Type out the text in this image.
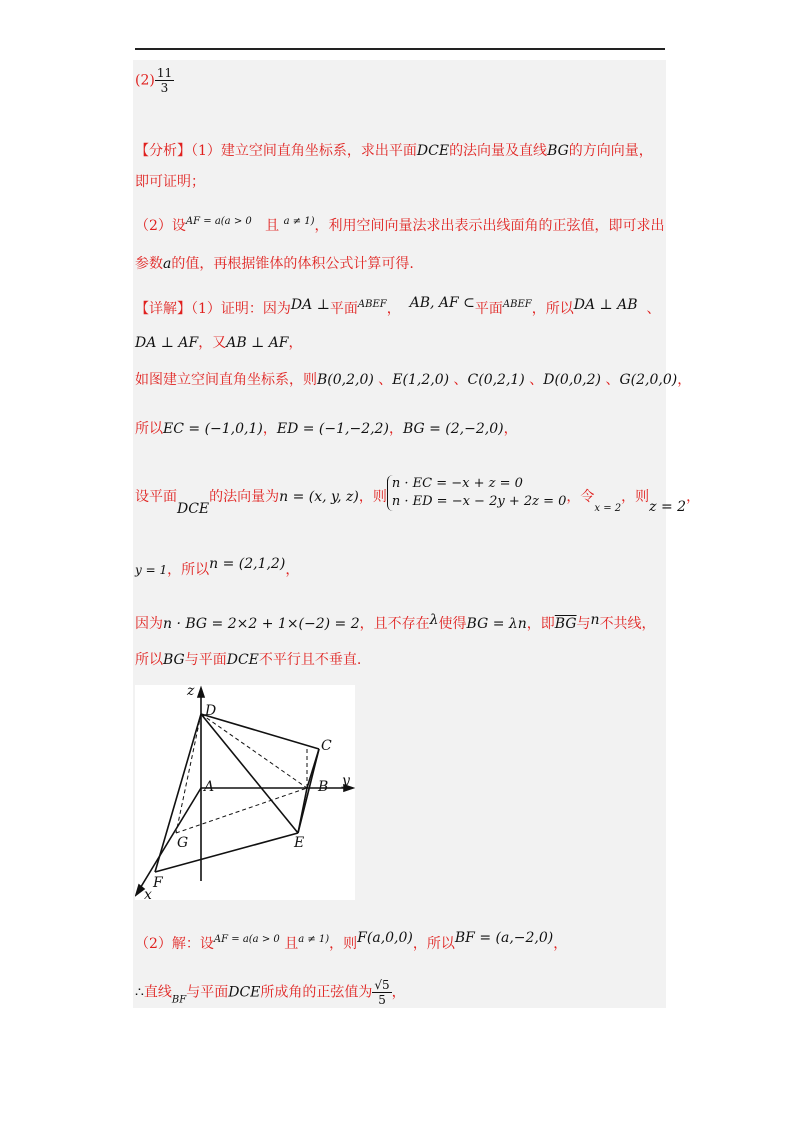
$(2) \frac{11}{3}$
【分析】（1）建立空间直角坐标系，求出平面DCE的法向量及直线BG的方向向量，
即可证明；
（2）设$^{AF = a(a > 0}$ 且 $^{a \ne 1)}$，利用空间向量法求出表示出线面角的正弦值，即可求出
参数a的值，再根据锥体的体积公式计算可得.
【详解】（1）证明：因为DA ⊥平面$^{ABEF}$， AB, AF ⊂平面$^{ABEF}$，所以DA ⊥ AB 、
DA ⊥ AF，又AB ⊥ AF，
如图建立空间直角坐标系，则B(0,2,0) 、E(1,2,0) 、C(0,2,1) 、D(0,0,2) 、G(2,0,0)，
所以EC = (−1,0,1)，ED = (−1,−2,2)，BG = (2,−2,0)，
设平面DCE的法向量为n = (x, y, z)，则
n · EC = −x + z = 0
n · ED = −x − 2y + 2z = 0 ，令$_{x = 2}$，则z = 2，
y = 1，所以n = (2,1,2)，
因为n · BG = 2×2 + 1×(−2) = 2，且不存在λ使得BG = λn，即$\overline{BG}$与n不共线，
所以BG与平面DCE不平行且不垂直.
z
D
C
A	B y
G	E
F
x
（2）解：设$^{AF = a(a > 0}$ 且$^{a \ne 1)}$，则F(a,0,0)，所以BF = (a,−2,0)，
∴直线$_{BF}$与平面DCE所成角的正弦值为 $\frac{√5}{5}$ ，
